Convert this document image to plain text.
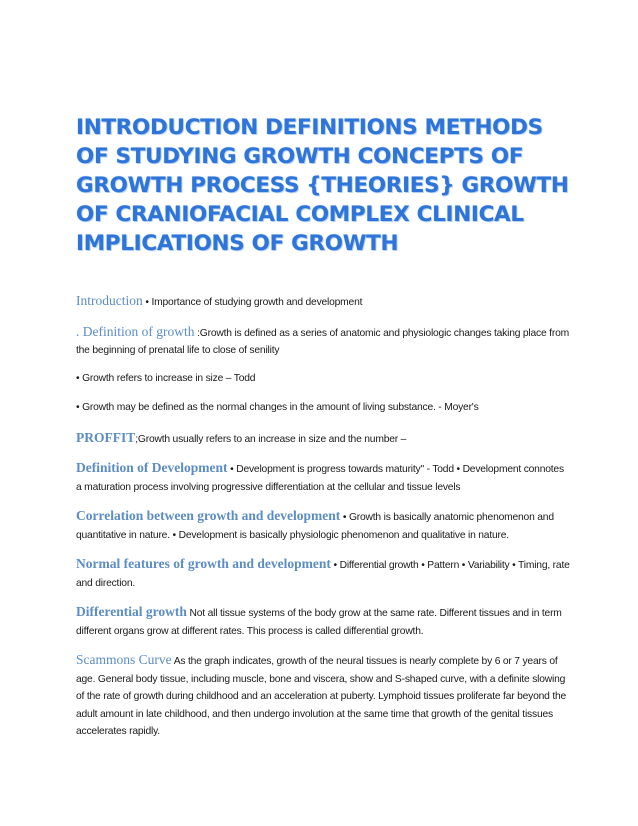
INTRODUCTION DEFINITIONS METHODS OF STUDYING GROWTH CONCEPTS OF GROWTH PROCESS {THEORIES} GROWTH OF CRANIOFACIAL COMPLEX CLINICAL IMPLICATIONS OF GROWTH

Introduction • Importance of studying growth and development

. Definition of growth :Growth is defined as a series of anatomic and physiologic changes taking place from the beginning of prenatal life to close of senility

• Growth refers to increase in size – Todd

• Growth may be defined as the normal changes in the amount of living substance. - Moyer's

PROFFIT;Growth usually refers to an increase in size and the number –

Definition of Development • Development is progress towards maturity" - Todd • Development connotes a maturation process involving progressive differentiation at the cellular and tissue levels

Correlation between growth and development • Growth is basically anatomic phenomenon and quantitative in nature. • Development is basically physiologic phenomenon and qualitative in nature.

Normal features of growth and development • Differential growth • Pattern • Variability • Timing, rate and direction.

Differential growth Not all tissue systems of the body grow at the same rate. Different tissues and in term different organs grow at different rates. This process is called differential growth.

Scammons Curve As the graph indicates, growth of the neural tissues is nearly complete by 6 or 7 years of age. General body tissue, including muscle, bone and viscera, show and S-shaped curve, with a definite slowing of the rate of growth during childhood and an acceleration at puberty. Lymphoid tissues proliferate far beyond the adult amount in late childhood, and then undergo involution at the same time that growth of the genital tissues accelerates rapidly.
